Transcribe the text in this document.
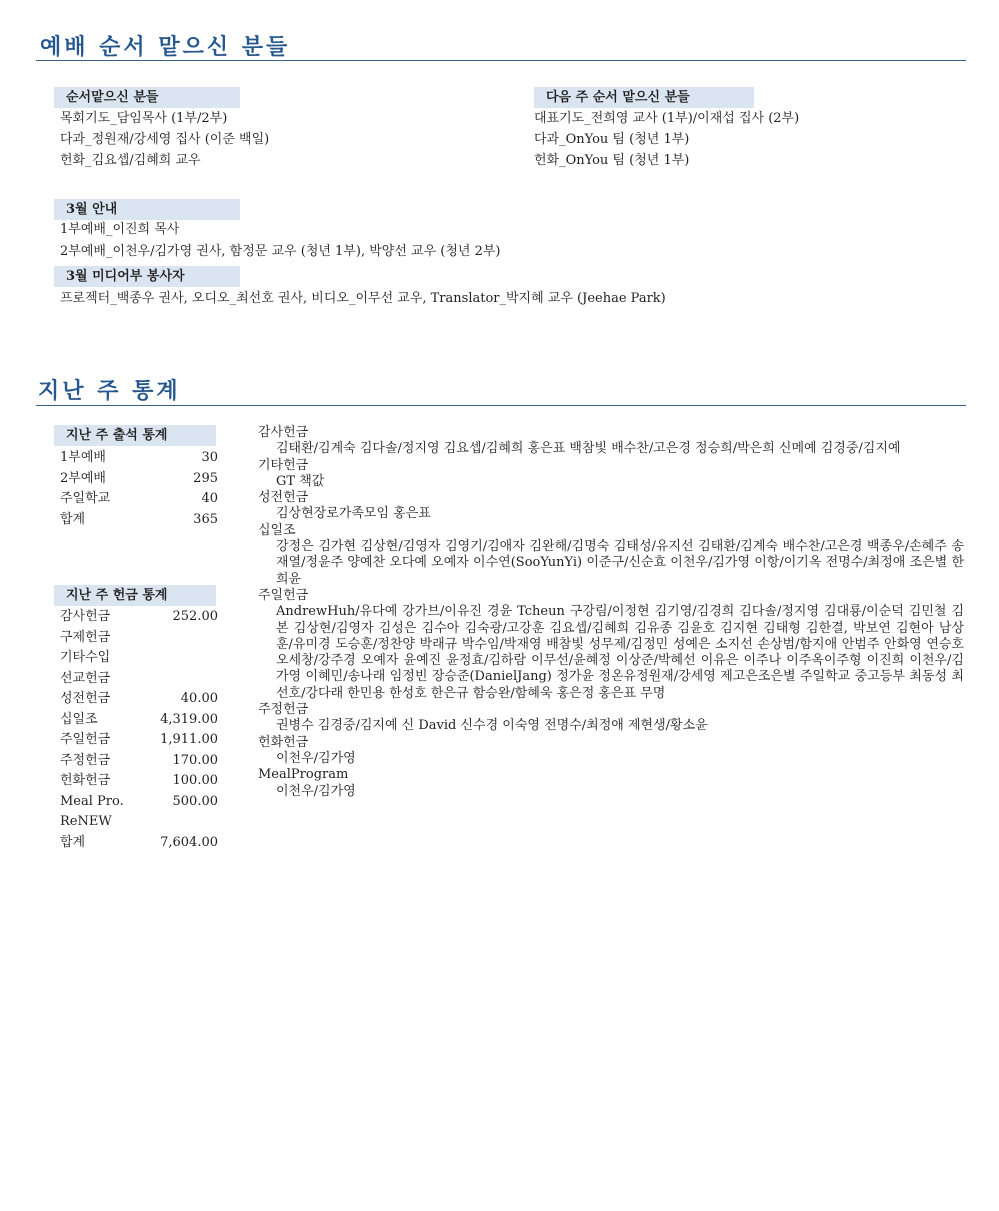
예배 순서 맡으신 분들
순서맡으신 분들
목회기도_담임목사 (1부/2부)
다과_정원재/강세영 집사 (이준 백일)
헌화_김요셉/김혜희 교우
다음 주 순서 맡으신 분들
대표기도_전희영 교사 (1부)/이재섭 집사 (2부)
다과_OnYou 팀 (청년 1부)
헌화_OnYou 팀 (청년 1부)
3월 안내
1부예배_이진희 목사
2부예배_이천우/김가영 권사, 함정문 교우 (청년 1부), 박양선 교우 (청년 2부)
3월 미디어부 봉사자
프로젝터_백종우 권사, 오디오_최선호 권사, 비디오_이무선 교우, Translator_박지혜 교우 (Jeehae Park)
지난 주 통계
지난 주 출석 통계
1부예배	30
2부예배	295
주일학교	40
합계	365
지난 주 헌금 통계
감사헌금	252.00
구제헌금
기타수입
선교헌금
성전헌금	40.00
십일조	4,319.00
주일헌금	1,911.00
주정헌금	170.00
헌화헌금	100.00
Meal Pro.	500.00
ReNEW
합계	7,604.00
감사헌금
김태환/김계숙 김다솔/정지영 김요셉/김혜희 홍은표 백참빛 배수찬/고은경 정승희/박은희 신메예 김경중/김지예
기타헌금
GT 책값
성전헌금
김상현장로가족모임 홍은표
십일조
강정은 김가현 김상현/김영자 김영기/김애자 김완해/김명숙 김태성/유지선 김태환/김계숙 배수찬/고은경 백종우/손혜주 송재열/정윤주 양예찬 오다예 오예자 이수연(SooYunYi) 이준구/신순효 이천우/김가영 이항/이기옥 전명수/최정애 조은별 한희윤
주일헌금
AndrewHuh/유다예 강가브/이유진 경윤 Tcheun 구강림/이정현 김기영/김경희 김다솔/정지영 김대룡/이순덕 김민철 김본 김상현/김영자 김성은 김수아 김숙광/고강훈 김요셉/김혜희 김유종 김윤호 김지현 김태형 김한결, 박보연 김현아 남상훈/유미경 도승훈/정찬양 박래규 박수임/박재영 배참빛 성무제/김정민 성예은 소지선 손상범/함지애 안범주 안화영 연승호 오세창/강주경 오예자 윤예진 윤정효/김하람 이무선/윤혜정 이상준/박혜선 이유은 이주나 이주옥이주형 이진희 이천우/김가영 이혜민/송나래 임정빈 장승준(DanielJang) 정가윤 정온유정원재/강세영 제고은조은별 주일학교 중고등부 최동성 최선호/강다래 한민용 한성호 한은규 함승완/함혜욱 홍은정 홍은표 무명
주정헌금
권병수 김경중/김지예 신 David 신수경 이숙영 전명수/최정애 제현생/황소윤
헌화헌금
이천우/김가영
MealProgram
이천우/김가영
